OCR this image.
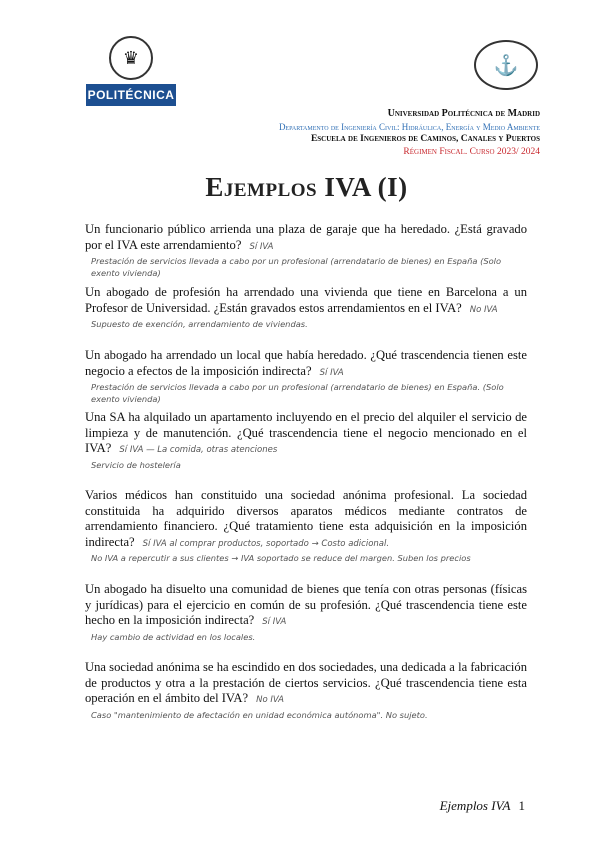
♛
POLITÉCNICA
⚓
Universidad Politécnica de Madrid
Departamento de Ingeniería Civil: Hidráulica, Energía y Medio Ambiente
Escuela de Ingenieros de Caminos, Canales y Puertos
Régimen Fiscal. Curso 2023/ 2024
Ejemplos IVA (I)
Un funcionario público arrienda una plaza de garaje que ha heredado. ¿Está gravado por el IVA este arrendamiento? Sí IVA
Prestación de servicios llevada a cabo por un profesional (arrendatario de bienes) en España (Solo exento vivienda)
Un abogado de profesión ha arrendado una vivienda que tiene en Barcelona a un Profesor de Universidad. ¿Están gravados estos arrendamientos en el IVA? No IVA
Supuesto de exención, arrendamiento de viviendas.
Un abogado ha arrendado un local que había heredado. ¿Qué trascendencia tienen este negocio a efectos de la imposición indirecta? Sí IVA
Prestación de servicios llevada a cabo por un profesional (arrendatario de bienes) en España. (Solo exento vivienda)
Una SA ha alquilado un apartamento incluyendo en el precio del alquiler el servicio de limpieza y de manutención. ¿Qué trascendencia tiene el negocio mencionado en el IVA? Sí IVA — La comida, otras atenciones
Servicio de hostelería
Varios médicos han constituido una sociedad anónima profesional. La sociedad constituida ha adquirido diversos aparatos médicos mediante contratos de arrendamiento financiero. ¿Qué tratamiento tiene esta adquisición en la imposición indirecta? Sí IVA al comprar productos, soportado → Costo adicional.
No IVA a repercutir a sus clientes → IVA soportado se reduce del margen. Suben los precios
Un abogado ha disuelto una comunidad de bienes que tenía con otras personas (físicas y jurídicas) para el ejercicio en común de su profesión. ¿Qué trascendencia tiene este hecho en la imposición indirecta? Sí IVA
Hay cambio de actividad en los locales.
Una sociedad anónima se ha escindido en dos sociedades, una dedicada a la fabricación de productos y otra a la prestación de ciertos servicios. ¿Qué trascendencia tiene esta operación en el ámbito del IVA? No IVA
Caso "mantenimiento de afectación en unidad económica autónoma". No sujeto.
Ejemplos IVA 1
